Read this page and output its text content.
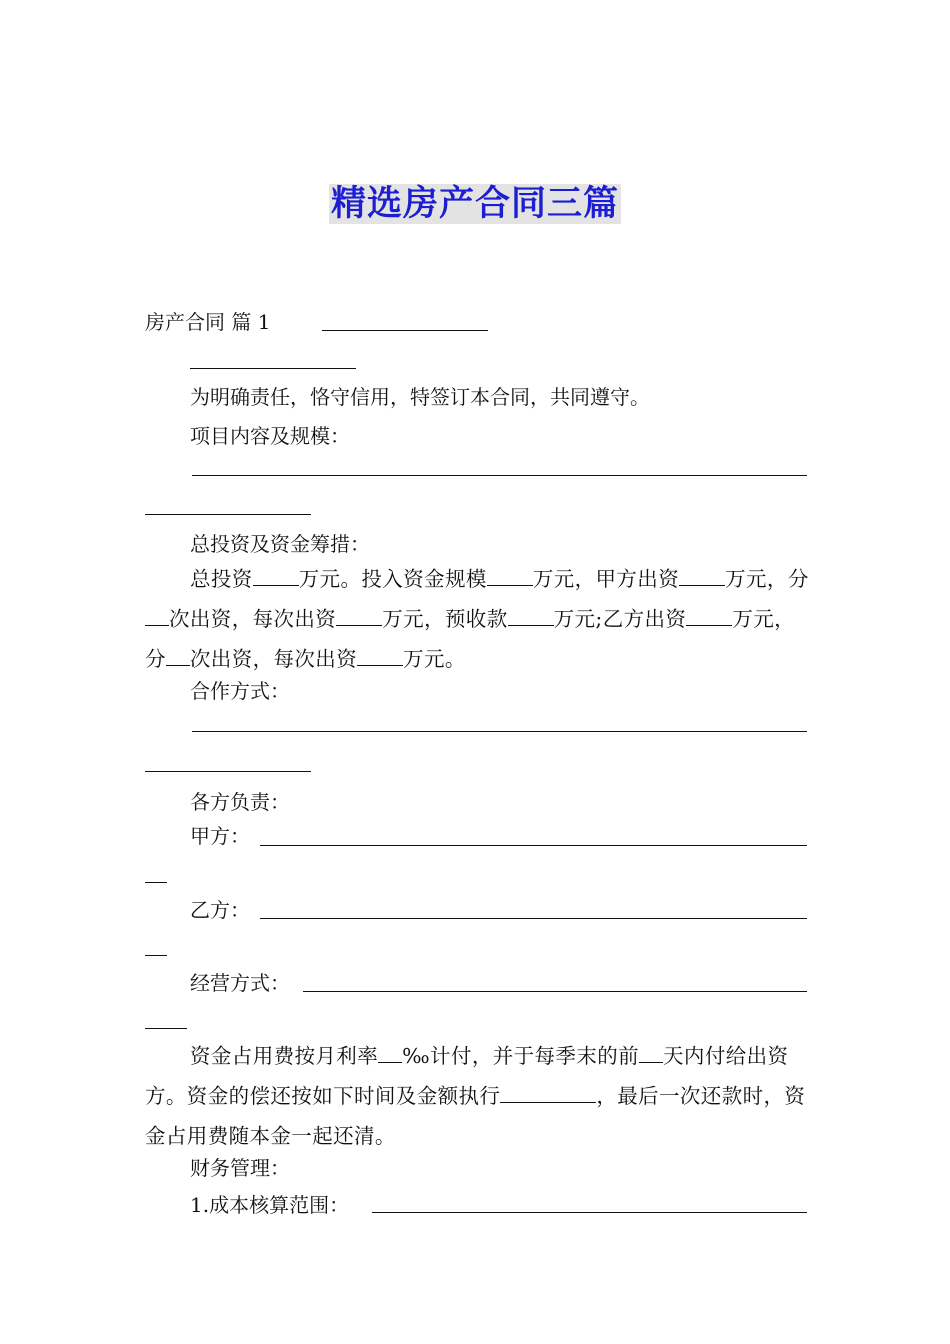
精选房产合同三篇
房产合同 篇 1
为明确责任，恪守信用，特签订本合同，共同遵守。
项目内容及规模：
总投资及资金筹措：
总投资 万元。投入资金规模 万元，甲方出资 万元，分次出资，每次出资 万元，预收款 万元;乙方出资 万元，分 次出资，每次出资 万元。
合作方式：
各方负责：
甲方：
乙方：
经营方式：
资金占用费按月利率 ‰计付，并于每季末的前 天内付给出资方。资金的偿还按如下时间及金额执行	，最后一次还款时，资金占用费随本金一起还清。
财务管理：
1.成本核算范围：
